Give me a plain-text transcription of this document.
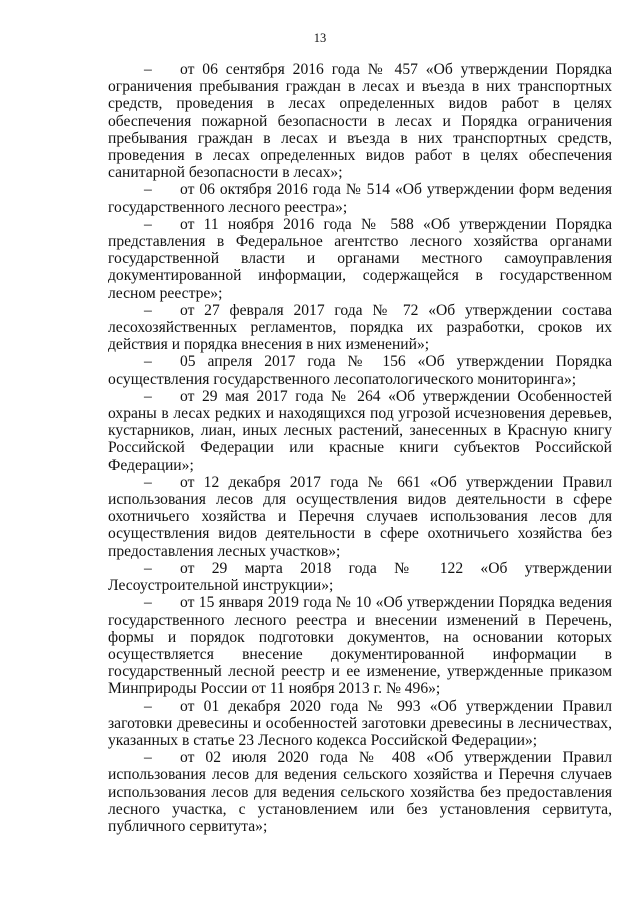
13

– от 06 сентября 2016 года № 457 «Об утверждении Порядка ограничения пребывания граждан в лесах и въезда в них транспортных средств, проведения в лесах определенных видов работ в целях обеспечения пожарной безопасности в лесах и Порядка ограничения пребывания граждан в лесах и въезда в них транспортных средств, проведения в лесах определенных видов работ в целях обеспечения санитарной безопасности в лесах»;

– от 06 октября 2016 года № 514 «Об утверждении форм ведения государственного лесного реестра»;

– от 11 ноября 2016 года № 588 «Об утверждении Порядка представления в Федеральное агентство лесного хозяйства органами государственной власти и органами местного самоуправления документированной информации, содержащейся в государственном лесном реестре»;

– от 27 февраля 2017 года № 72 «Об утверждении состава лесохозяйственных регламентов, порядка их разработки, сроков их действия и порядка внесения в них изменений»;

– 05 апреля 2017 года № 156 «Об утверждении Порядка осуществления государственного лесопатологического мониторинга»;

– от 29 мая 2017 года № 264 «Об утверждении Особенностей охраны в лесах редких и находящихся под угрозой исчезновения деревьев, кустарников, лиан, иных лесных растений, занесенных в Красную книгу Российской Федерации или красные книги субъектов Российской Федерации»;

– от 12 декабря 2017 года № 661 «Об утверждении Правил использования лесов для осуществления видов деятельности в сфере охотничьего хозяйства и Перечня случаев использования лесов для осуществления видов деятельности в сфере охотничьего хозяйства без предоставления лесных участков»;

– от 29 марта 2018 года № 122 «Об утверждении Лесоустроительной инструкции»;

– от 15 января 2019 года № 10 «Об утверждении Порядка ведения государственного лесного реестра и внесении изменений в Перечень, формы и порядок подготовки документов, на основании которых осуществляется внесение документированной информации в государственный лесной реестр и ее изменение, утвержденные приказом Минприроды России от 11 ноября 2013 г. № 496»;

– от 01 декабря 2020 года № 993 «Об утверждении Правил заготовки древесины и особенностей заготовки древесины в лесничествах, указанных в статье 23 Лесного кодекса Российской Федерации»;

– от 02 июля 2020 года № 408 «Об утверждении Правил использования лесов для ведения сельского хозяйства и Перечня случаев использования лесов для ведения сельского хозяйства без предоставления лесного участка, с установлением или без установления сервитута, публичного сервитута»;
